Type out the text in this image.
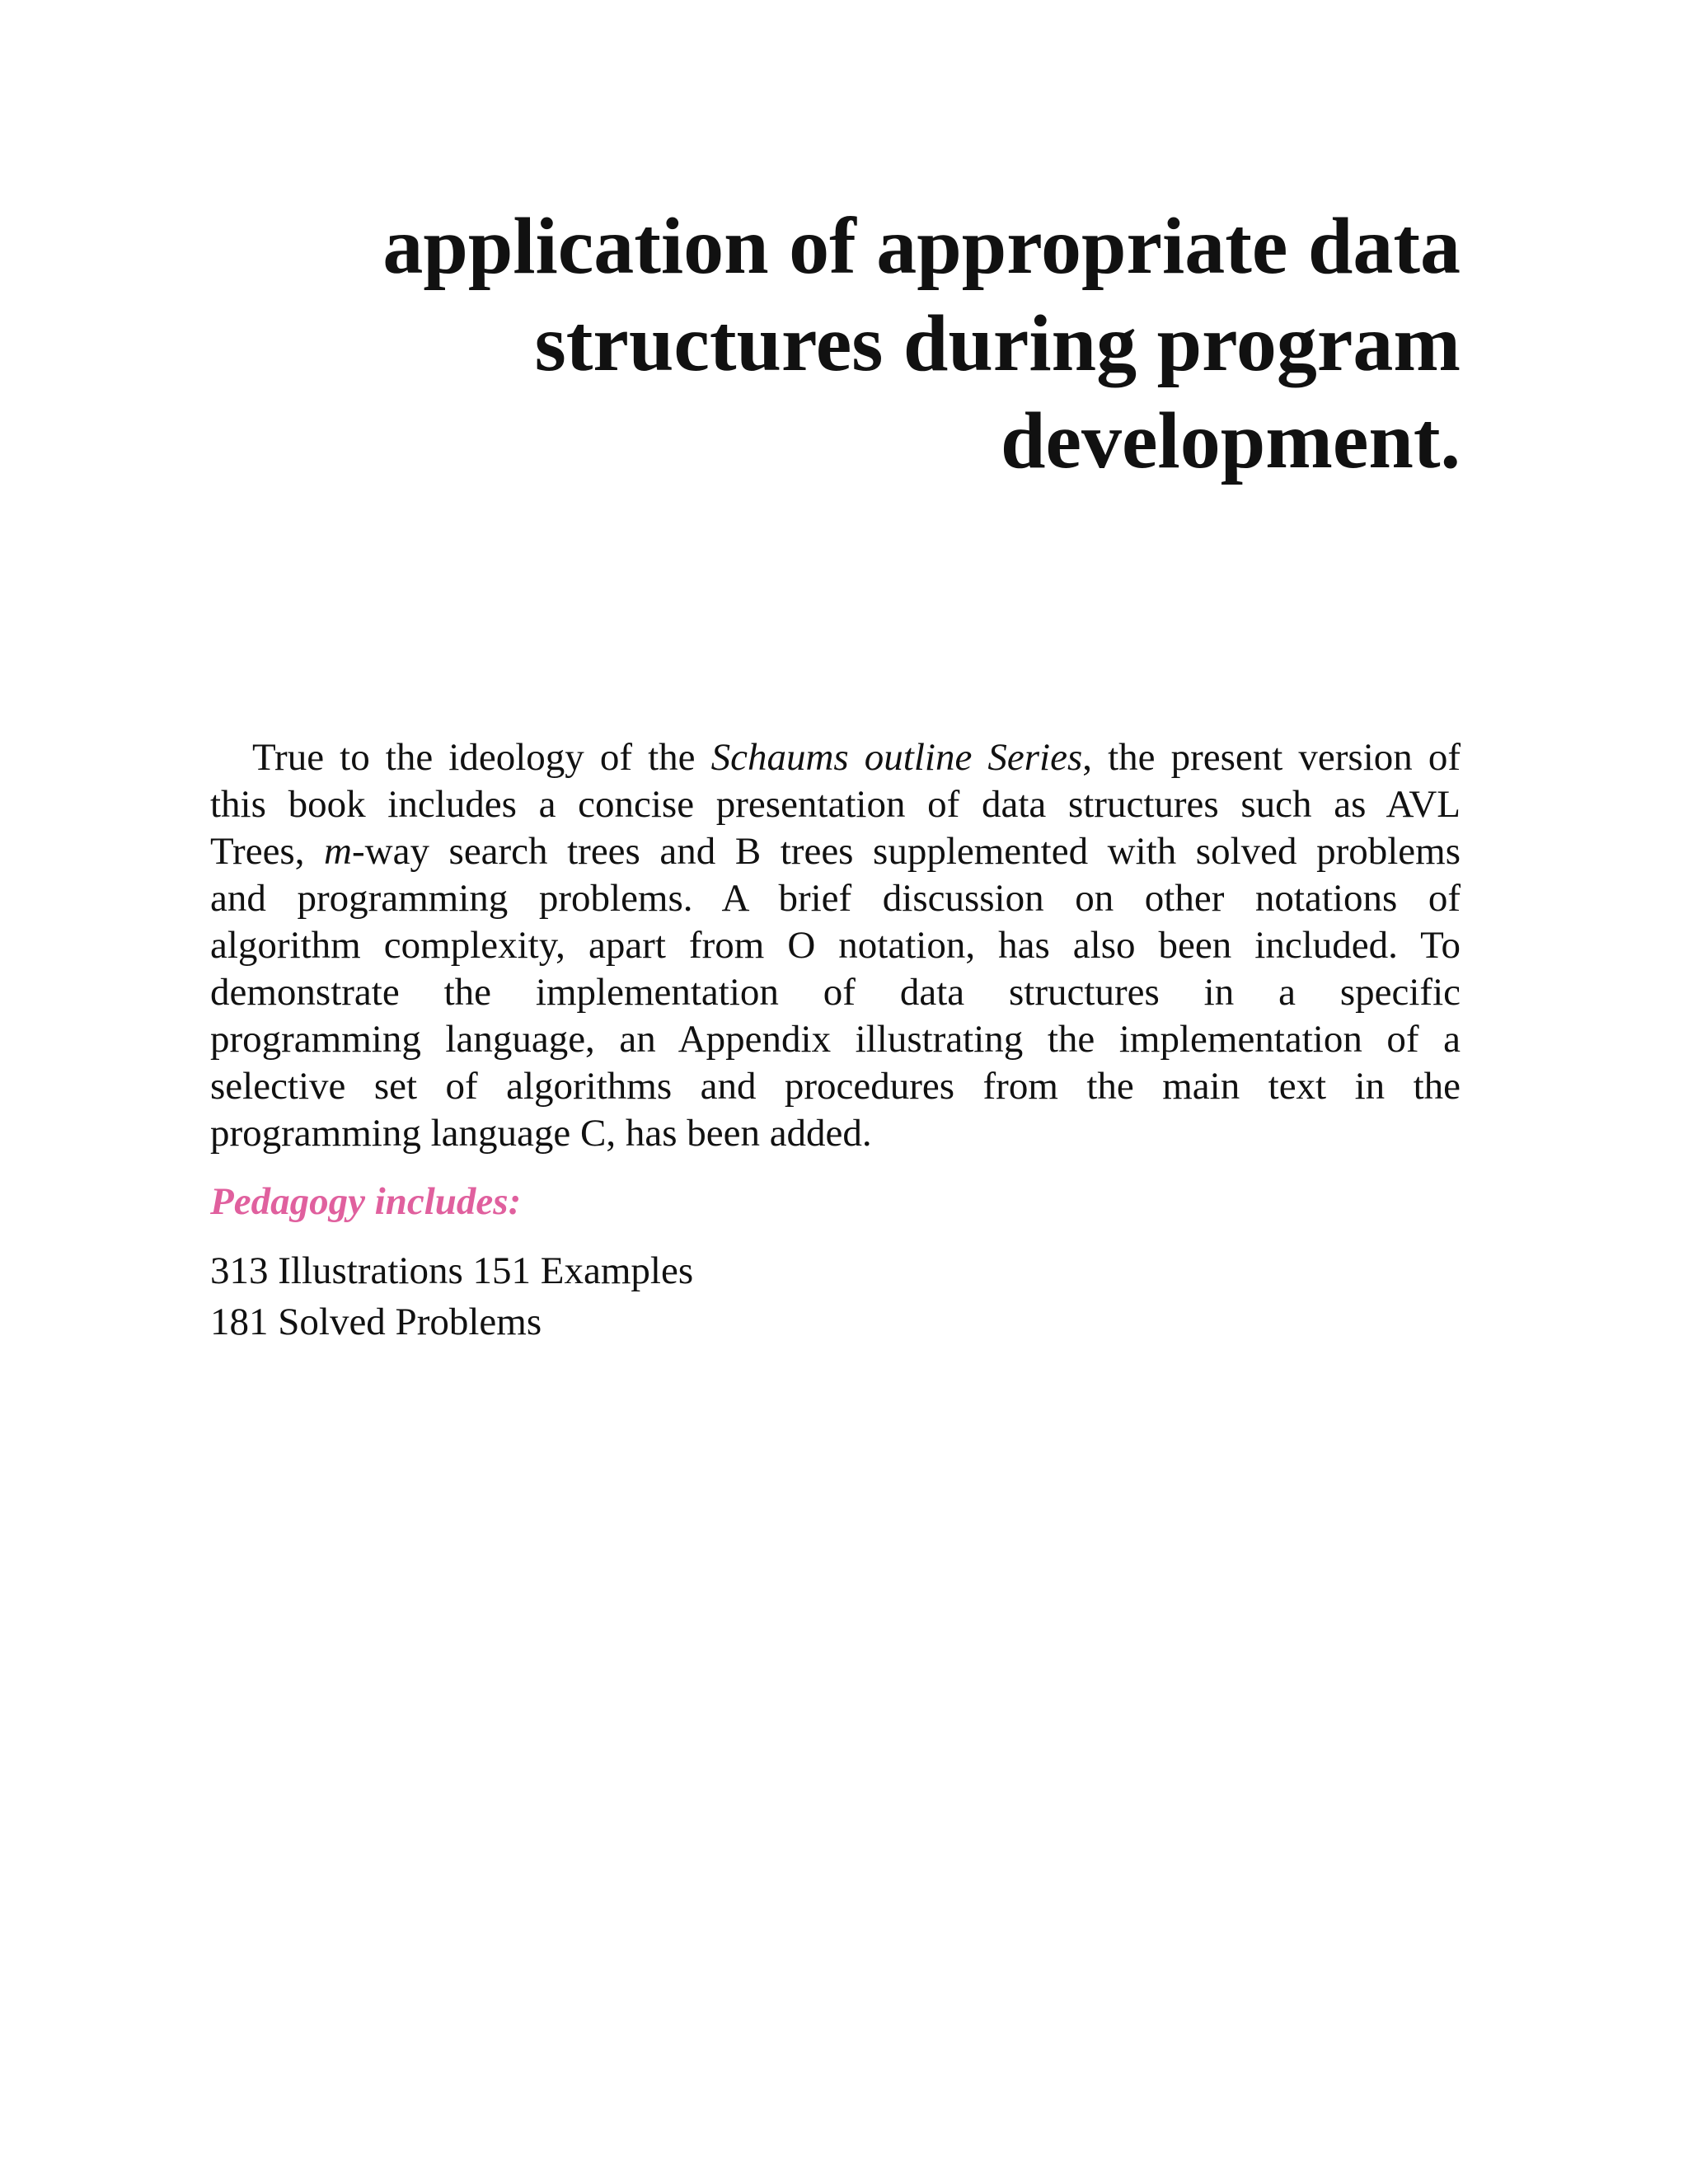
application of appropriate data
structures during program
development.
True to the ideology of the Schaums outline Series, the present version of
this book includes a concise presentation of data structures such as AVL
Trees, m-way search trees and B trees supplemented with solved problems
and programming problems. A brief discussion on other notations of
algorithm complexity, apart from O notation, has also been included. To
demonstrate the implementation of data structures in a specific
programming language, an Appendix illustrating the implementation of a
selective set of algorithms and procedures from the main text in the
programming language C, has been added.
Pedagogy includes:
313 Illustrations 151 Examples
181 Solved Problems
